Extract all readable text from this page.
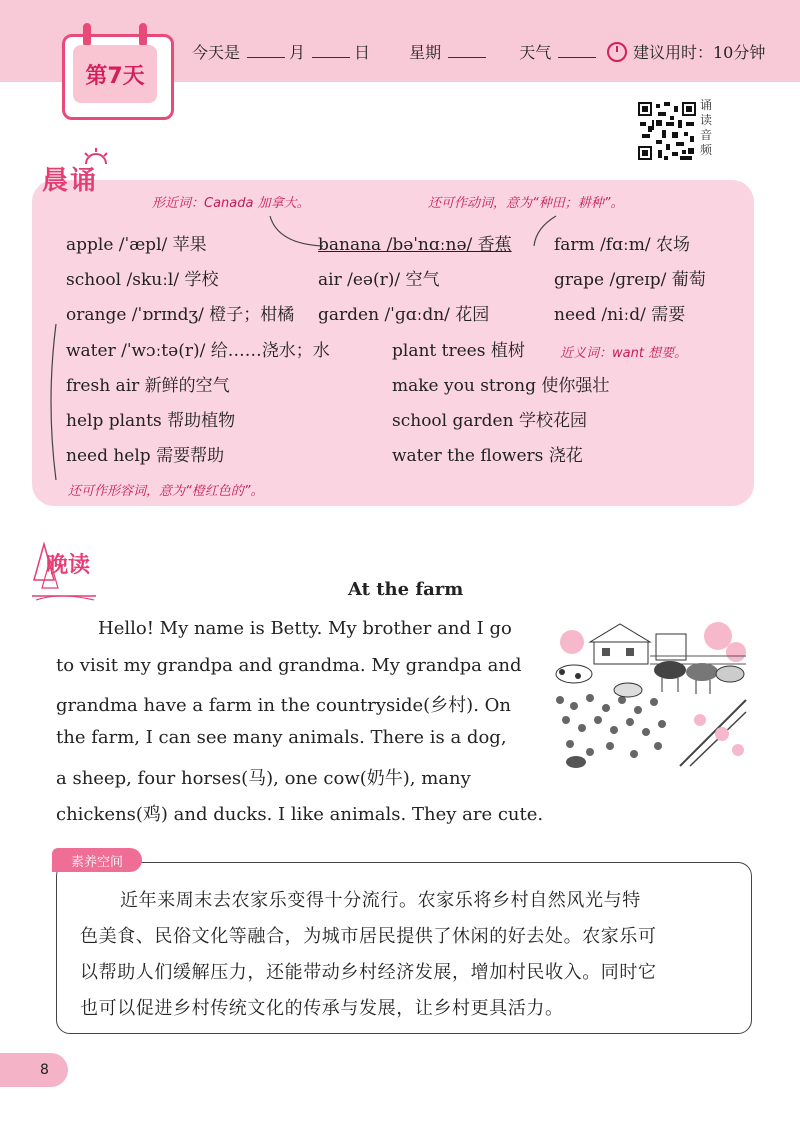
第7天
今天是	月	日 星期	天气	建议用时：10分钟
诵读音频
晨诵
形近词：Canada 加拿大。	还可作动词，意为“种田；耕种”。
apple /ˈæpl/ 苹果	banana /bəˈnɑːnə/ 香蕉 farm /fɑːm/ 农场
school /skuːl/ 学校	air /eə(r)/ 空气	grape /ɡreɪp/ 葡萄
orange /ˈɒrɪndʒ/ 橙子；柑橘 garden /ˈɡɑːdn/ 花园	need /niːd/ 需要
water /ˈwɔːtə(r)/ 给……浇水；水	plant trees 植树	近义词：want 想要。
fresh air 新鲜的空气	make you strong 使你强壮
help plants 帮助植物	school garden 学校花园
need help 需要帮助	water the flowers 浇花
还可作形容词，意为“橙红色的”。
晚读
At the farm
Hello! My name is Betty. My brother and I go
to visit my grandpa and grandma. My grandpa and
grandma have a farm in the countryside(乡村). On
the farm, I can see many animals. There is a dog,
a sheep, four horses(马), one cow(奶牛), many
chickens(鸡) and ducks. I like animals. They are cute.
素养空间
近年来周末去农家乐变得十分流行。农家乐将乡村自然风光与特
色美食、民俗文化等融合，为城市居民提供了休闲的好去处。农家乐可
以帮助人们缓解压力，还能带动乡村经济发展，增加村民收入。同时它
也可以促进乡村传统文化的传承与发展，让乡村更具活力。
8
